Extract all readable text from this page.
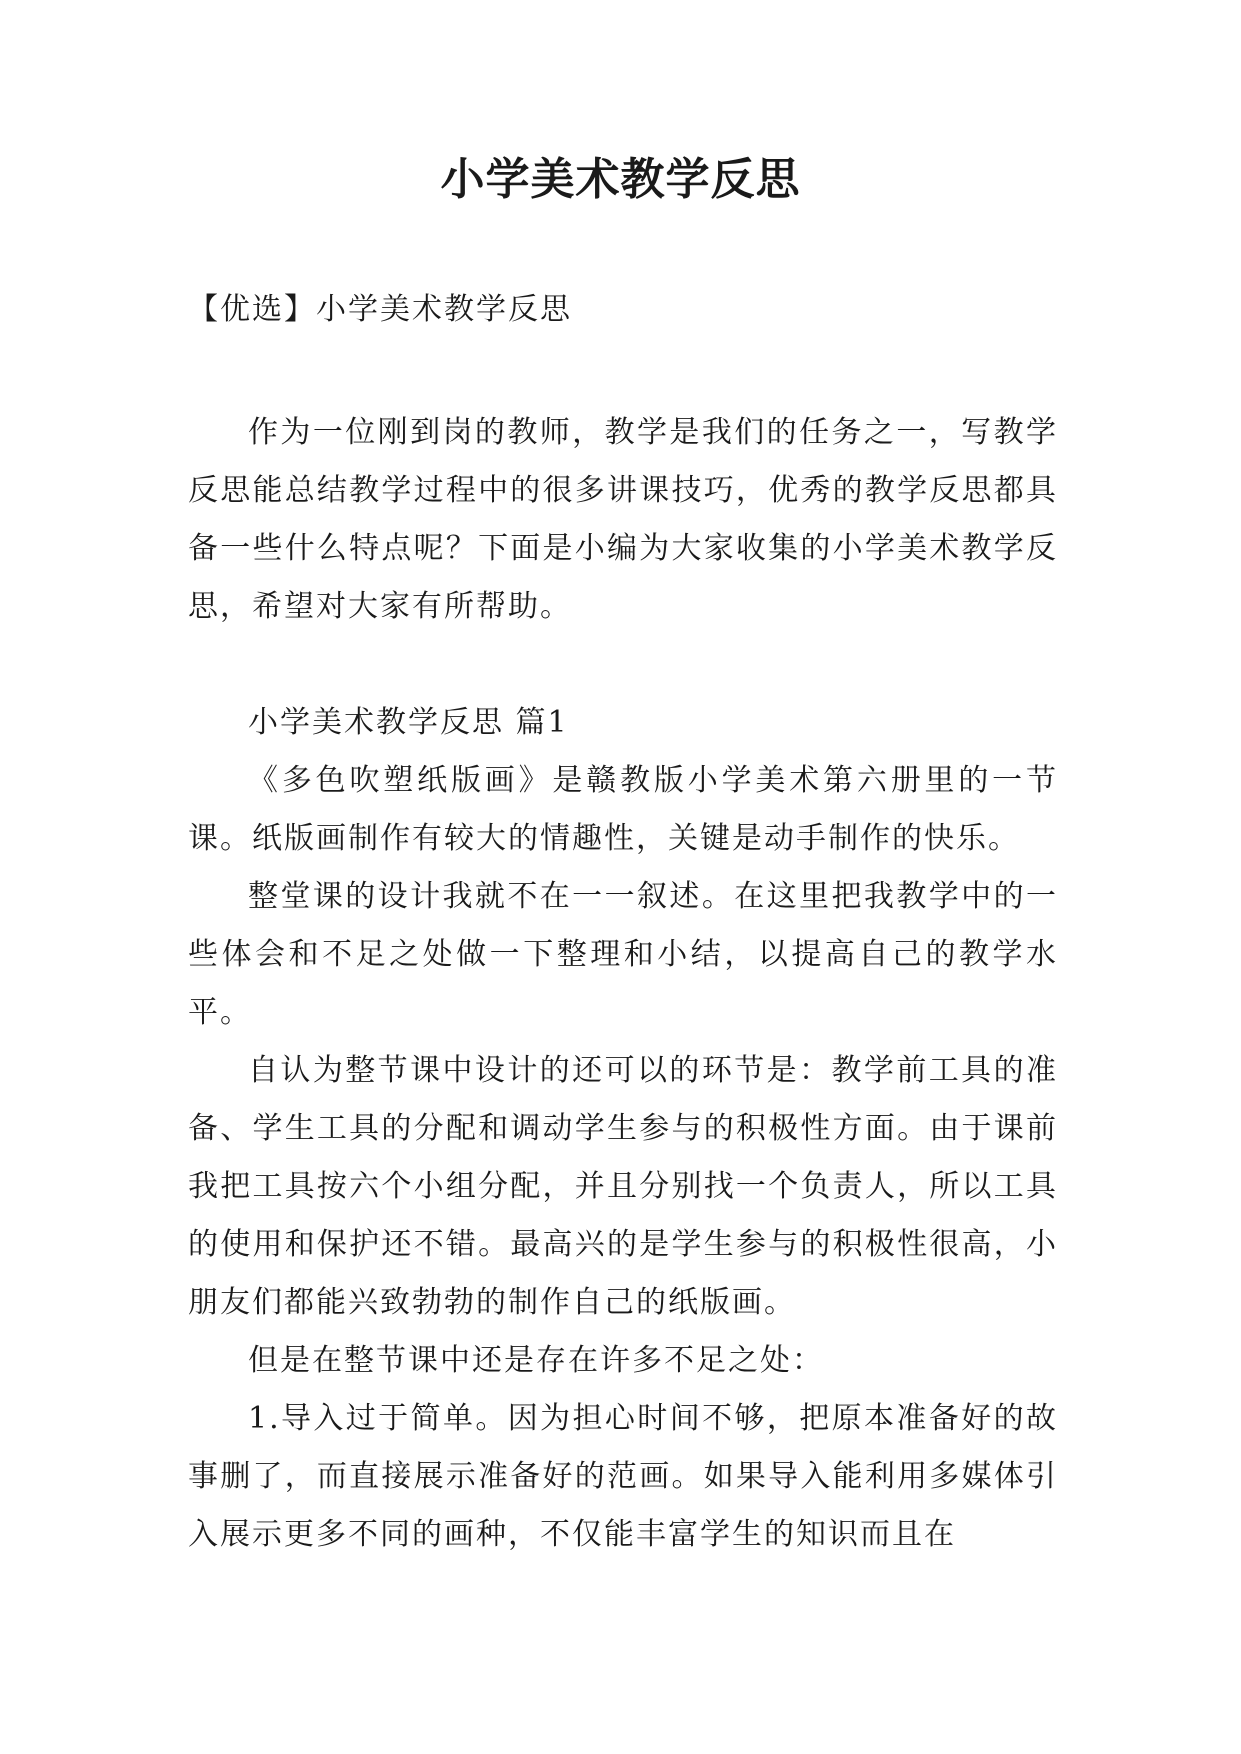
小学美术教学反思
【优选】小学美术教学反思

作为一位刚到岗的教师，教学是我们的任务之一，写教学反思能总结教学过程中的很多讲课技巧，优秀的教学反思都具备一些什么特点呢？下面是小编为大家收集的小学美术教学反思，希望对大家有所帮助。

小学美术教学反思 篇1

《多色吹塑纸版画》是赣教版小学美术第六册里的一节课。纸版画制作有较大的情趣性，关键是动手制作的快乐。

整堂课的设计我就不在一一叙述。在这里把我教学中的一些体会和不足之处做一下整理和小结，以提高自己的教学水平。

自认为整节课中设计的还可以的环节是：教学前工具的准备、学生工具的分配和调动学生参与的积极性方面。由于课前我把工具按六个小组分配，并且分别找一个负责人，所以工具的使用和保护还不错。最高兴的是学生参与的积极性很高，小朋友们都能兴致勃勃的制作自己的纸版画。

但是在整节课中还是存在许多不足之处：

1.导入过于简单。因为担心时间不够，把原本准备好的故事删了，而直接展示准备好的范画。如果导入能利用多媒体引入展示更多不同的画种，不仅能丰富学生的知识而且在
